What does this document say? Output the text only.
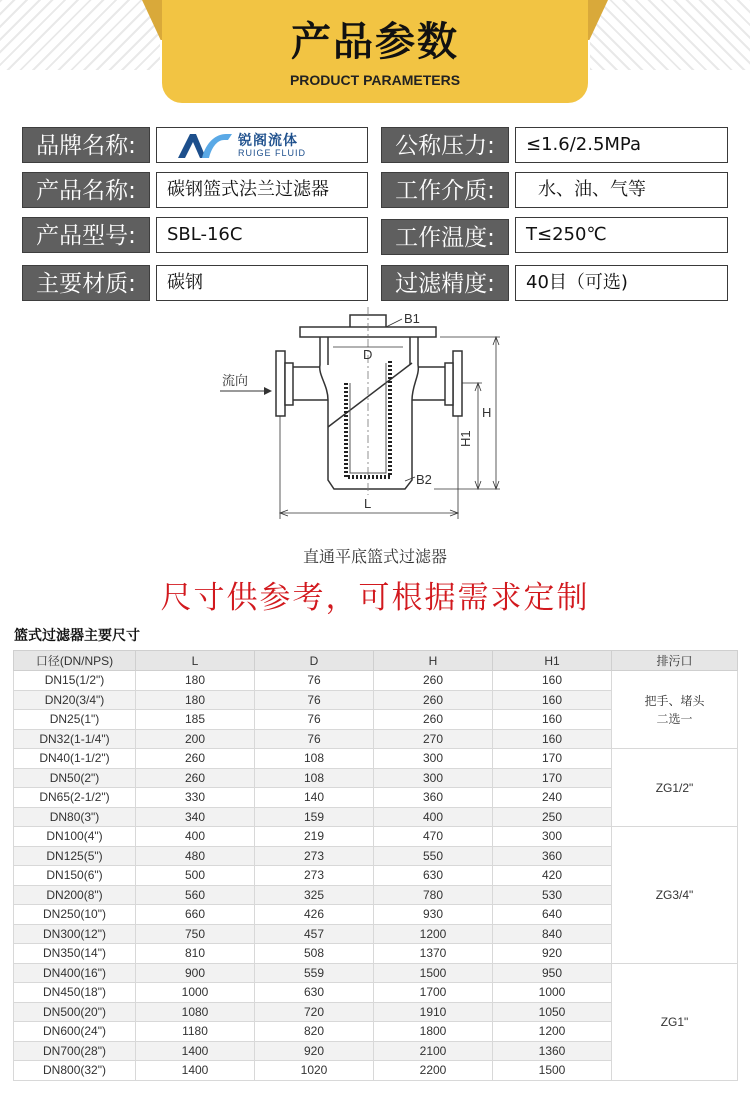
产品参数
PRODUCT PARAMETERS
品牌名称:	锐阁流体
RUIGE FLUID	公称压力:	≤1.6/2.5MPa
产品名称:	碳钢篮式法兰过滤器	工作介质:	水、油、气等
产品型号:	SBL-16C	工作温度:	T≤250℃
主要材质:	碳钢	过滤精度:	40目（可选)
B1
D
流向
H
H1
B2
L
直通平底篮式过滤器
尺寸供参考，可根据需求定制
篮式过滤器主要尺寸
口径(DN/NPS)	L	D	H	H1	排污口
DN15(1/2")	180	76	260	160	把手、堵头
二选一

DN20(3/4")	180	76	260	160	
DN25(1")	185	76	260	160	
DN32(1-1/4")	200	76	270	160	
DN40(1-1/2")	260	108	300	170	ZG1/2"

DN50(2")	260	108	300	170	
DN65(2-1/2")	330	140	360	240	
DN80(3")	340	159	400	250	
DN100(4")	400	219	470	300	ZG3/4"

DN125(5")	480	273	550	360	
DN150(6")	500	273	630	420	
DN200(8")	560	325	780	530	
DN250(10")	660	426	930	640	
DN300(12")	750	457	1200	840	
DN350(14")	810	508	1370	920	
DN400(16")	900	559	1500	950	ZG1"

DN450(18")	1000	630	1700	1000	
DN500(20")	1080	720	1910	1050	
DN600(24")	1180	820	1800	1200	
DN700(28")	1400	920	2100	1360	
DN800(32")	1400	1020	2200	1500	
